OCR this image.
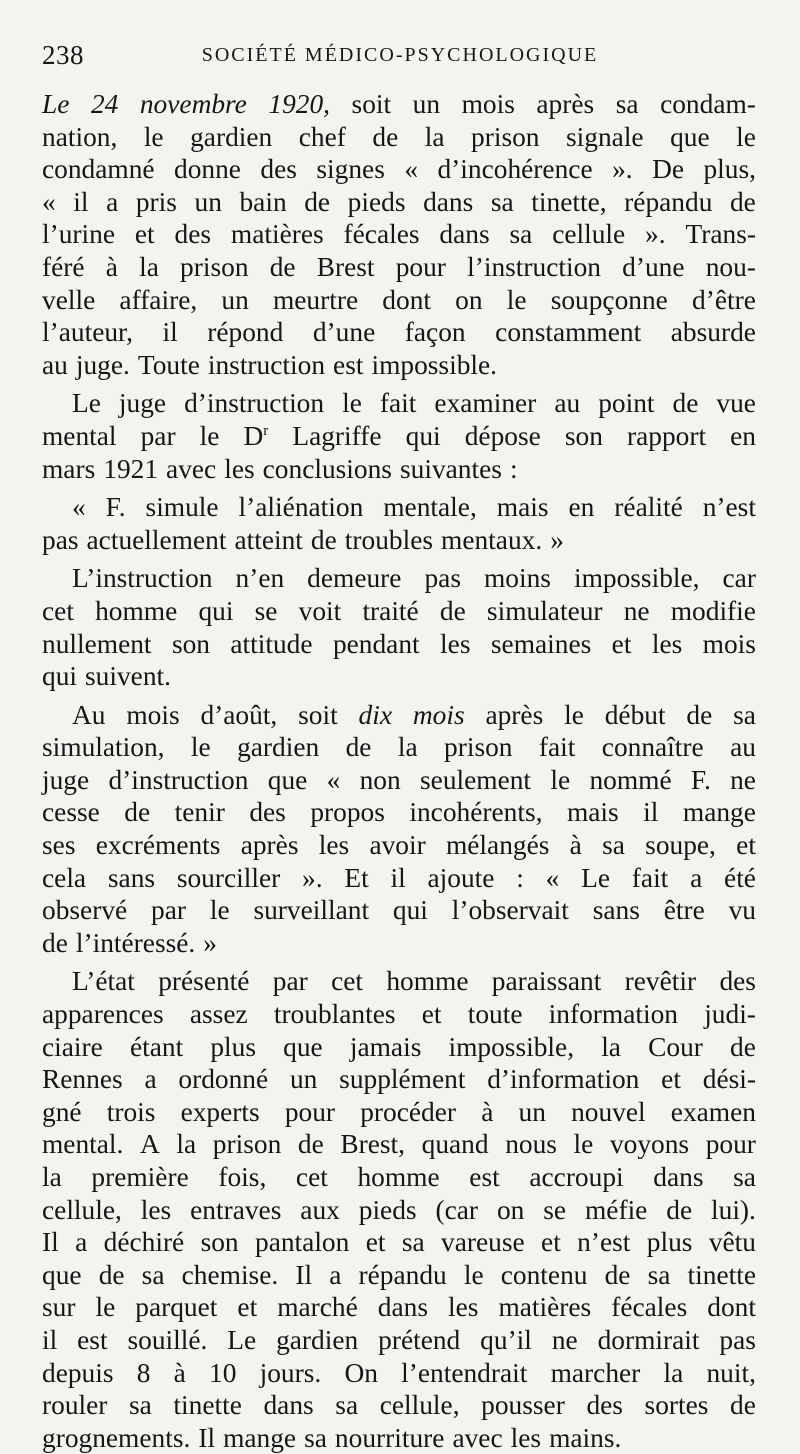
238	SOCIÉTÉ MÉDICO-PSYCHOLOGIQUE
Le 24 novembre 1920, soit un mois après sa condam-
nation, le gardien chef de la prison signale que le
condamné donne des signes « d’incohérence ». De plus,
« il a pris un bain de pieds dans sa tinette, répandu de
l’urine et des matières fécales dans sa cellule ». Trans-
féré à la prison de Brest pour l’instruction d’une nou-
velle affaire, un meurtre dont on le soupçonne d’être
l’auteur, il répond d’une façon constamment absurde
au juge. Toute instruction est impossible.
Le juge d’instruction le fait examiner au point de vue
mental par le $D^r$ Lagriffe qui dépose son rapport en
mars 1921 avec les conclusions suivantes :
« F. simule l’aliénation mentale, mais en réalité n’est
pas actuellement atteint de troubles mentaux. »
L’instruction n’en demeure pas moins impossible, car
cet homme qui se voit traité de simulateur ne modifie
nullement son attitude pendant les semaines et les mois
qui suivent.
Au mois d’août, soit dix mois après le début de sa
simulation, le gardien de la prison fait connaître au
juge d’instruction que « non seulement le nommé F. ne
cesse de tenir des propos incohérents, mais il mange
ses excréments après les avoir mélangés à sa soupe, et
cela sans sourciller ». Et il ajoute : « Le fait a été
observé par le surveillant qui l’observait sans être vu
de l’intéressé. »
L’état présenté par cet homme paraissant revêtir des
apparences assez troublantes et toute information judi-
ciaire étant plus que jamais impossible, la Cour de
Rennes a ordonné un supplément d’information et dési-
gné trois experts pour procéder à un nouvel examen
mental. A la prison de Brest, quand nous le voyons pour
la première fois, cet homme est accroupi dans sa
cellule, les entraves aux pieds (car on se méfie de lui).
Il a déchiré son pantalon et sa vareuse et n’est plus vêtu
que de sa chemise. Il a répandu le contenu de sa tinette
sur le parquet et marché dans les matières fécales dont
il est souillé. Le gardien prétend qu’il ne dormirait pas
depuis 8 à 10 jours. On l’entendrait marcher la nuit,
rouler sa tinette dans sa cellule, pousser des sortes de
grognements. Il mange sa nourriture avec les mains.
